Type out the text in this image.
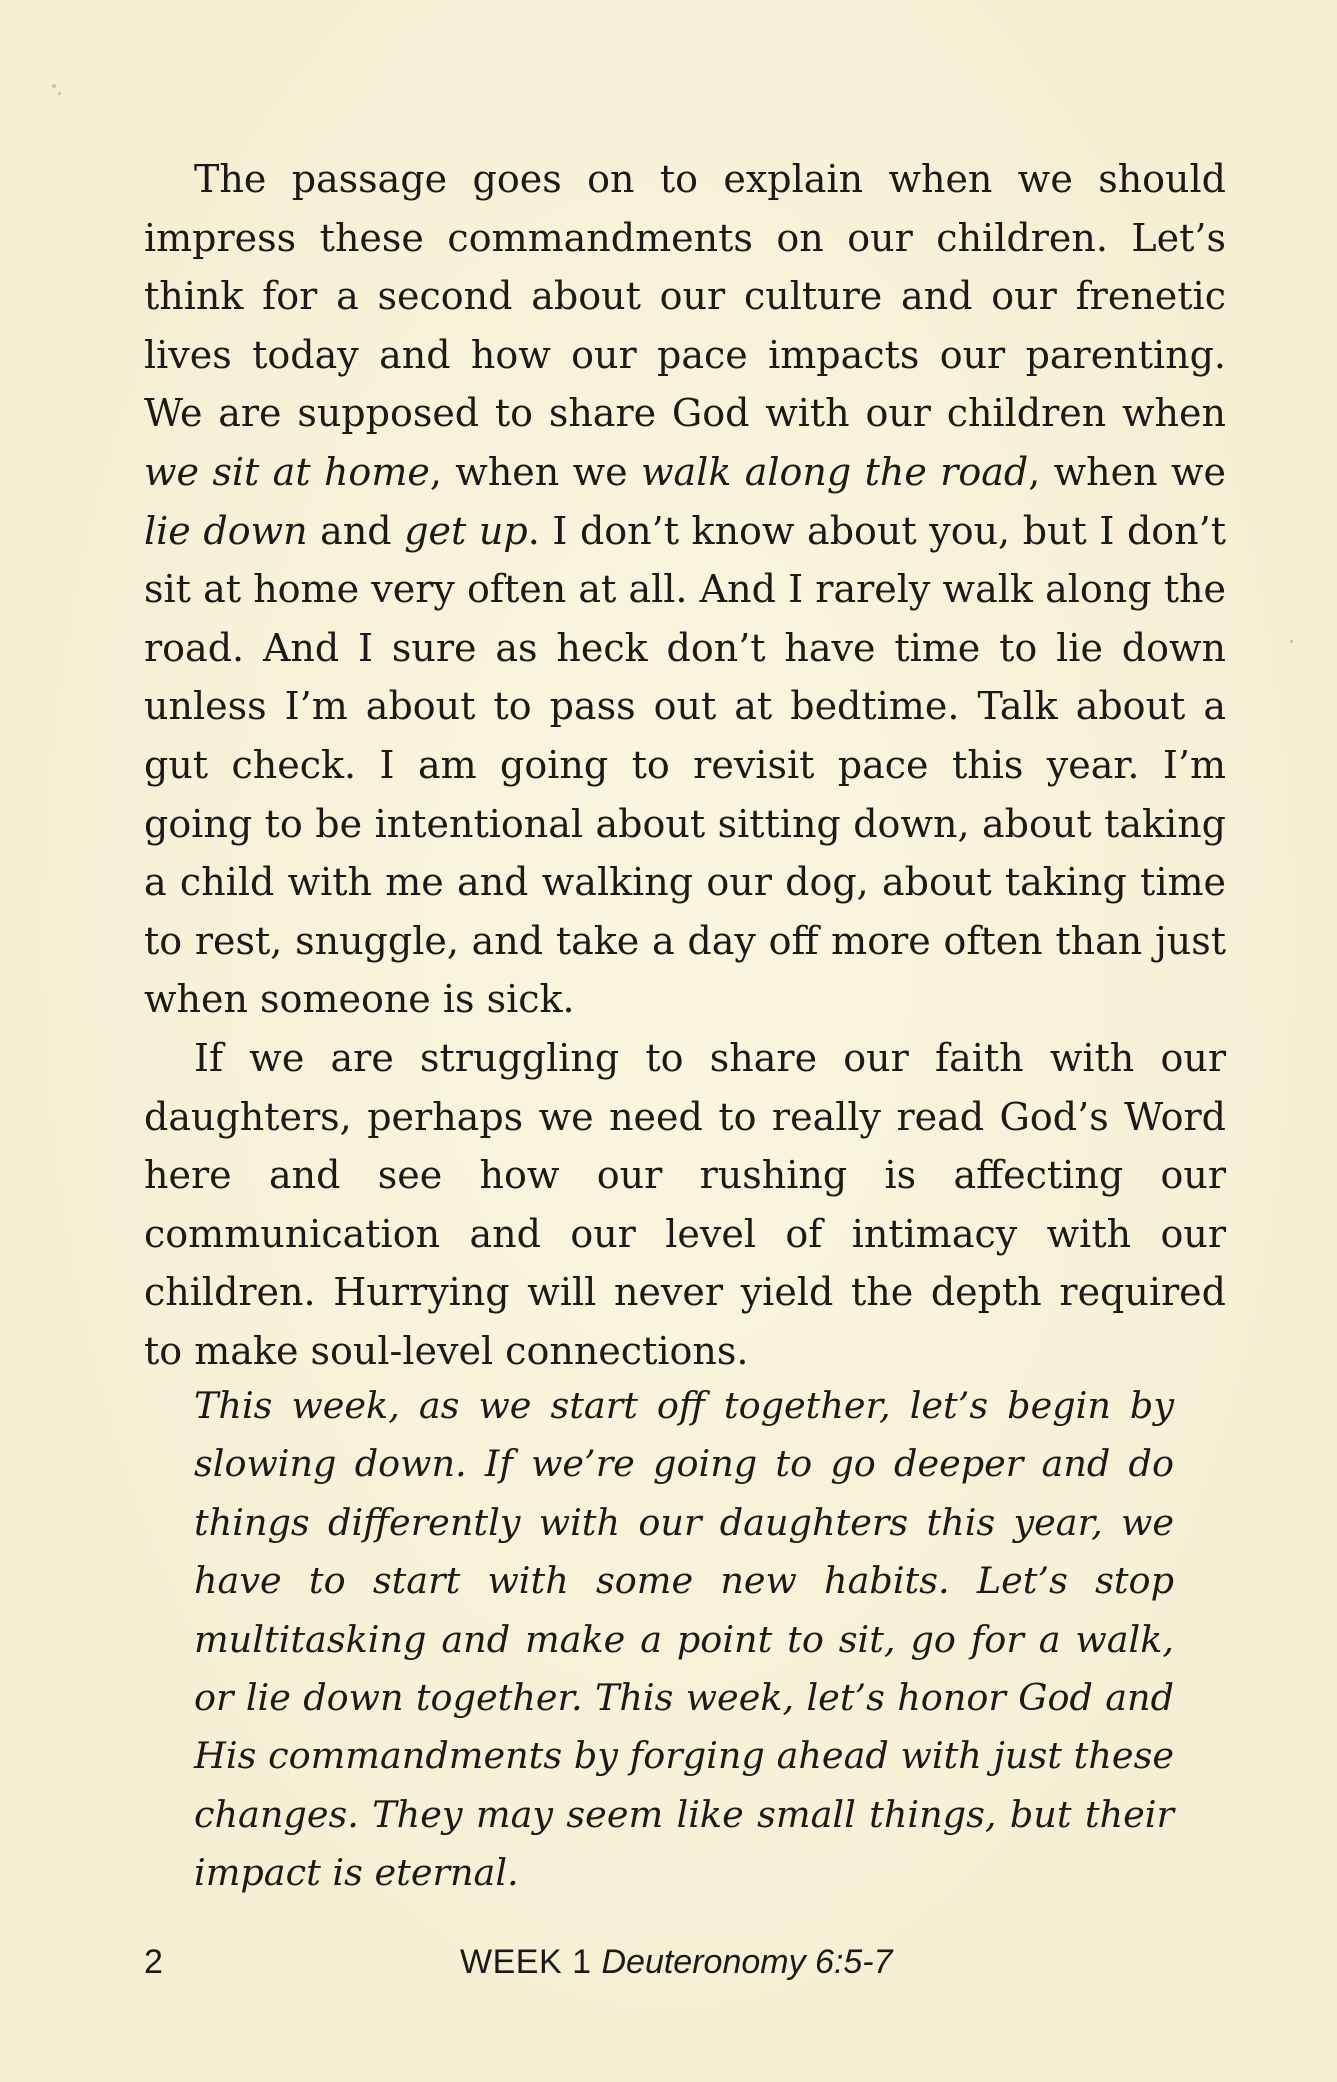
The passage goes on to explain when we should impress these commandments on our children. Let’s think for a second about our culture and our frenetic lives today and how our pace impacts our parenting. We are supposed to share God with our children when we sit at home, when we walk along the road, when we lie down and get up. I don’t know about you, but I don’t sit at home very often at all. And I rarely walk along the road. And I sure as heck don’t have time to lie down unless I’m about to pass out at bedtime. Talk about a gut check. I am going to revisit pace this year. I’m going to be intentional about sitting down, about taking a child with me and walking our dog, about taking time to rest, snuggle, and take a day off more often than just when someone is sick.

If we are struggling to share our faith with our daughters, perhaps we need to really read God’s Word here and see how our rushing is affecting our communication and our level of intimacy with our children. Hurrying will never yield the depth required to make soul-level connections.

This week, as we start off together, let’s begin by slowing down. If we’re going to go deeper and do things differently with our daughters this year, we have to start with some new habits. Let’s stop multitasking and make a point to sit, go for a walk, or lie down together. This week, let’s honor God and His commandments by forging ahead with just these changes. They may seem like small things, but their impact is eternal.

2	WEEK 1 Deuteronomy 6:5-7
